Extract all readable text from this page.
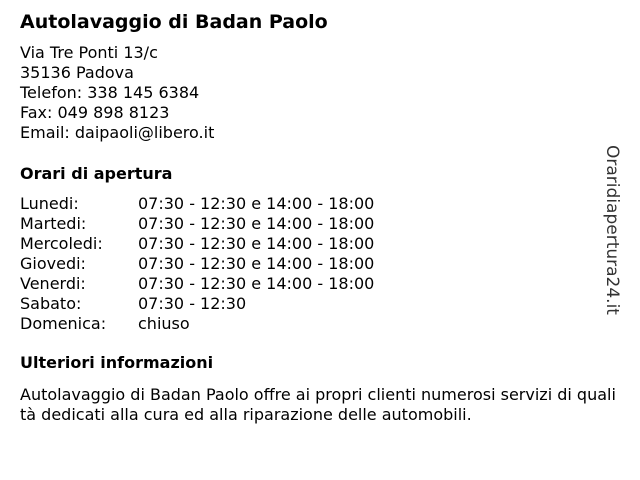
Autolavaggio di Badan Paolo
Via Tre Ponti 13/c
35136 Padova
Telefon: 338 145 6384
Fax: 049 898 8123
Email: daipaoli@libero.it
Orari di apertura
Lunedi:	07:30 - 12:30 e 14:00 - 18:00
Martedi:	07:30 - 12:30 e 14:00 - 18:00
Mercoledi: 07:30 - 12:30 e 14:00 - 18:00
Giovedi:	07:30 - 12:30 e 14:00 - 18:00
Venerdi:	07:30 - 12:30 e 14:00 - 18:00
Sabato:	07:30 - 12:30
Domenica: chiuso
Ulteriori informazioni
Autolavaggio di Badan Paolo offre ai propri clienti numerosi servizi di qualità dedicati alla cura ed alla riparazione delle automobili.
Oraridiapertura24.it
